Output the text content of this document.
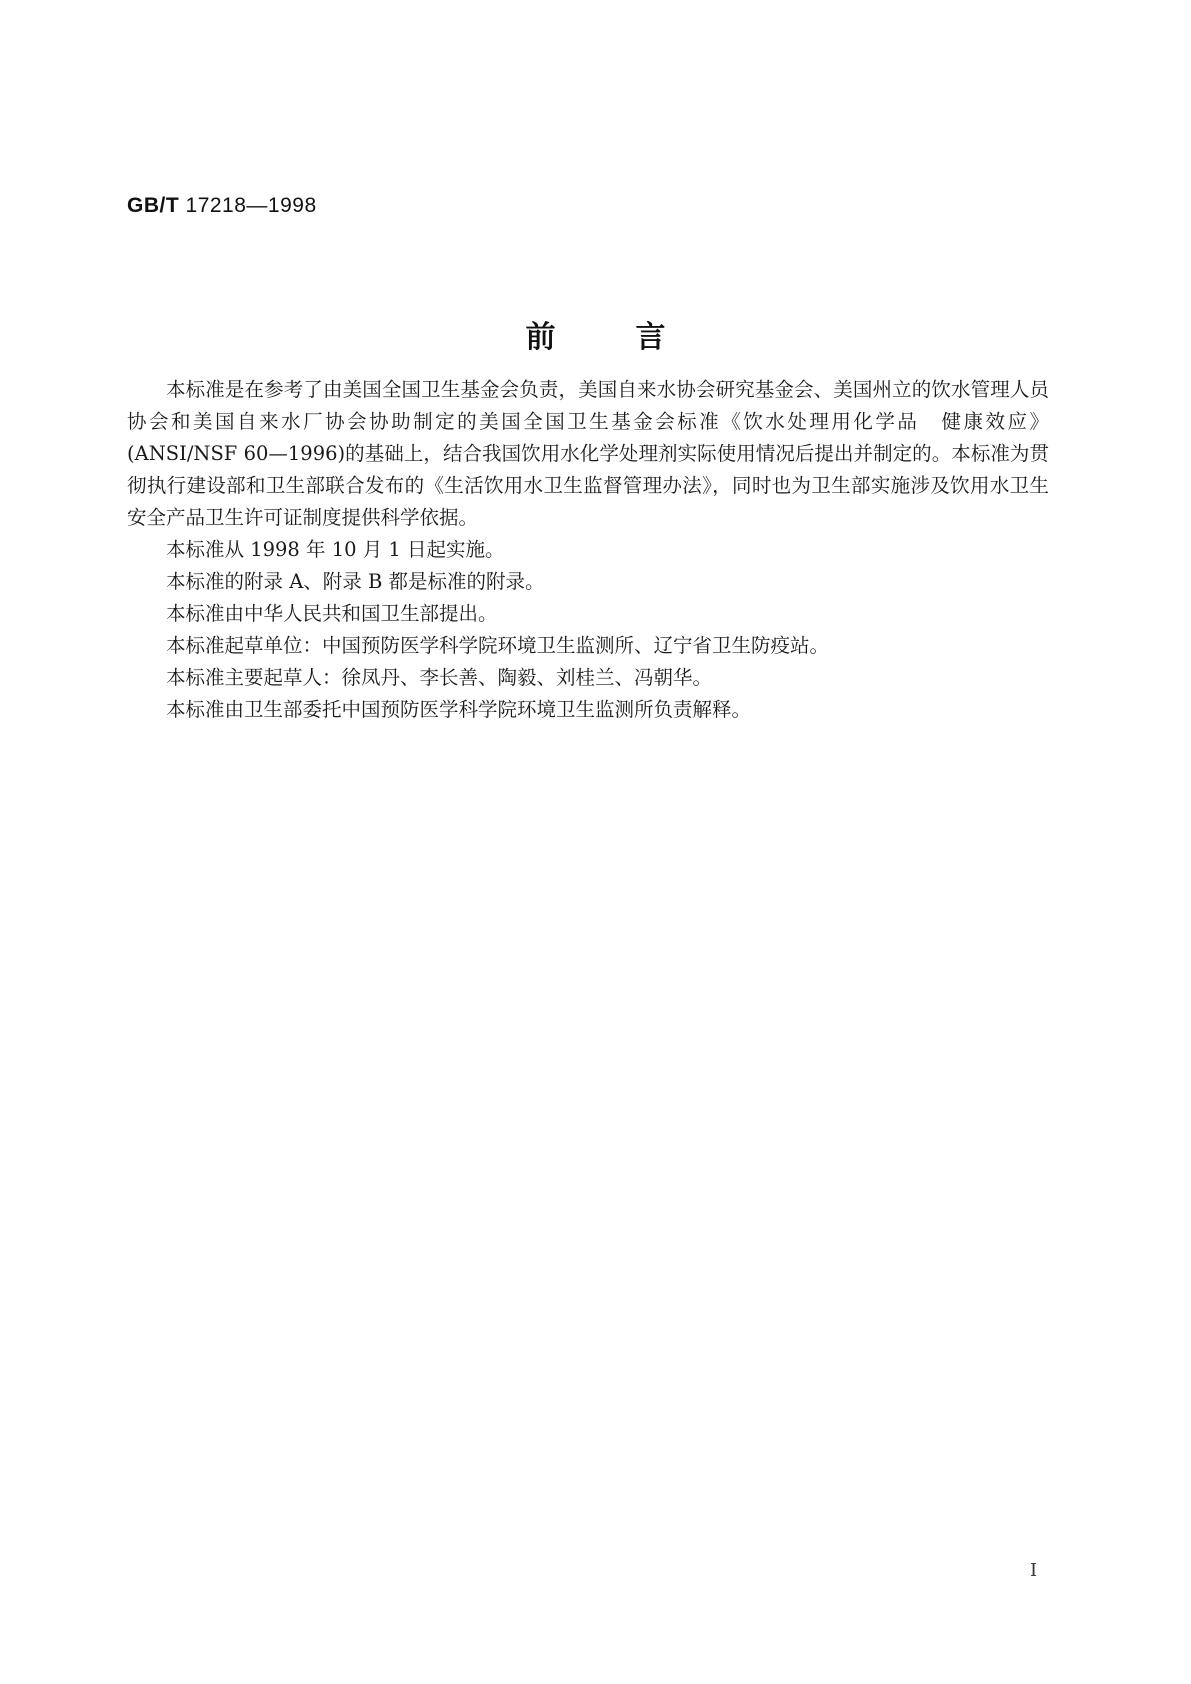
GB/T 17218—1998
前言

本标准是在参考了由美国全国卫生基金会负责，美国自来水协会研究基金会、美国州立的饮水管理人员协会和美国自来水厂协会协助制定的美国全国卫生基金会标准《饮水处理用化学品　健康效应》(ANSI/NSF 60—1996)的基础上，结合我国饮用水化学处理剂实际使用情况后提出并制定的。本标准为贯彻执行建设部和卫生部联合发布的《生活饮用水卫生监督管理办法》，同时也为卫生部实施涉及饮用水卫生安全产品卫生许可证制度提供科学依据。

本标准从 1998 年 10 月 1 日起实施。

本标准的附录 A、附录 B 都是标准的附录。

本标准由中华人民共和国卫生部提出。

本标准起草单位：中国预防医学科学院环境卫生监测所、辽宁省卫生防疫站。

本标准主要起草人：徐凤丹、李长善、陶毅、刘桂兰、冯朝华。

本标准由卫生部委托中国预防医学科学院环境卫生监测所负责解释。

I
